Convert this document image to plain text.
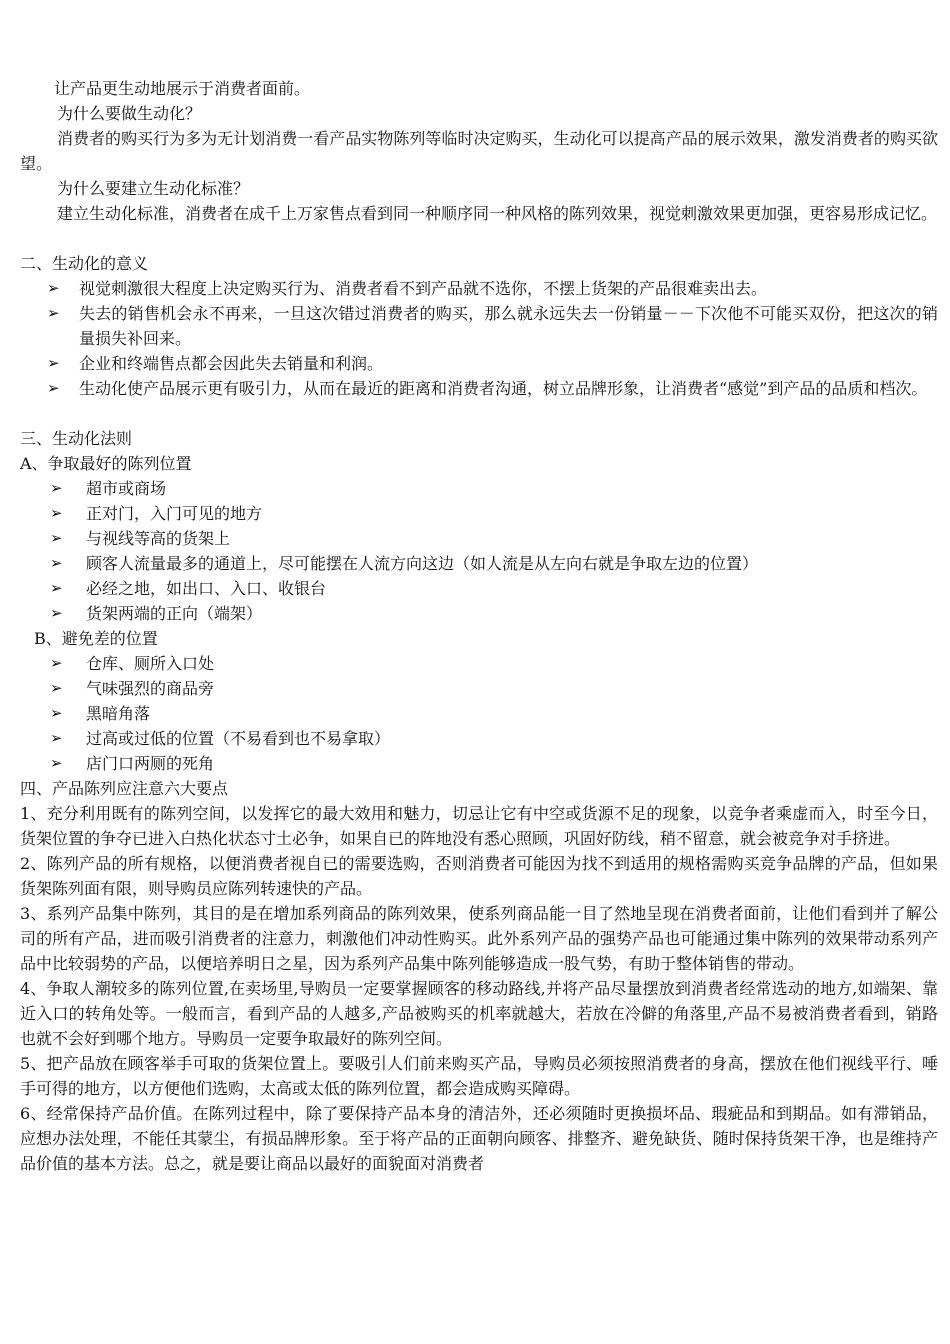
让产品更生动地展示于消费者面前。

为什么要做生动化？

消费者的购买行为多为无计划消费一看产品实物陈列等临时决定购买，生动化可以提高产品的展示效果，激发消费者的购买欲望。

为什么要建立生动化标准？

建立生动化标准，消费者在成千上万家售点看到同一种顺序同一种风格的陈列效果，视觉刺激效果更加强，更容易形成记忆。

二、生动化的意义

➢	视觉刺激很大程度上决定购买行为、消费者看不到产品就不选你，不摆上货架的产品很难卖出去。
➢	失去的销售机会永不再来，一旦这次错过消费者的购买，那么就永远失去一份销量－－下次他不可能买双份，把这次的销量损失补回来。
➢	企业和终端售点都会因此失去销量和利润。
➢	生动化使产品展示更有吸引力，从而在最近的距离和消费者沟通，树立品牌形象，让消费者“感觉”到产品的品质和档次。

三、生动化法则

A、争取最好的陈列位置

➢	超市或商场
➢	正对门，入门可见的地方
➢	与视线等高的货架上
➢	顾客人流量最多的通道上，尽可能摆在人流方向这边（如人流是从左向右就是争取左边的位置）
➢	必经之地，如出口、入口、收银台
➢	货架两端的正向（端架）

B、避免差的位置

➢	仓库、厕所入口处
➢	气味强烈的商品旁
➢	黑暗角落
➢	过高或过低的位置（不易看到也不易拿取）
➢	店门口两厕的死角

四、产品陈列应注意六大要点

1、充分利用既有的陈列空间，以发挥它的最大效用和魅力，切忌让它有中空或货源不足的现象，以竞争者乘虚而入，时至今日，货架位置的争夺已进入白热化状态寸土必争，如果自已的阵地没有悉心照顾，巩固好防线，稍不留意，就会被竞争对手挤进。

2、陈列产品的所有规格，以便消费者视自已的需要选购，否则消费者可能因为找不到适用的规格需购买竞争品牌的产品，但如果货架陈列面有限，则导购员应陈列转速快的产品。

3、系列产品集中陈列，其目的是在增加系列商品的陈列效果，使系列商品能一目了然地呈现在消费者面前，让他们看到并了解公司的所有产品，进而吸引消费者的注意力，刺激他们冲动性购买。此外系列产品的强势产品也可能通过集中陈列的效果带动系列产品中比较弱势的产品，以便培养明日之星，因为系列产品集中陈列能够造成一股气势，有助于整体销售的带动。

4、争取人潮较多的陈列位置,在卖场里,导购员一定要掌握顾客的移动路线,并将产品尽量摆放到消费者经常选动的地方,如端架、靠近入口的转角处等。一般而言，看到产品的人越多,产品被购买的机率就越大，若放在冷僻的角落里,产品不易被消费者看到，销路也就不会好到哪个地方。导购员一定要争取最好的陈列空间。

5、把产品放在顾客举手可取的货架位置上。要吸引人们前来购买产品，导购员必须按照消费者的身高，摆放在他们视线平行、唾手可得的地方，以方便他们选购，太高或太低的陈列位置，都会造成购买障碍。

6、经常保持产品价值。在陈列过程中，除了要保持产品本身的清洁外，还必须随时更换损坏品、瑕疵品和到期品。如有滞销品，应想办法处理，不能任其蒙尘，有损品牌形象。至于将产品的正面朝向顾客、排整齐、避免缺货、随时保持货架干净，也是维持产品价值的基本方法。总之，就是要让商品以最好的面貌面对消费者
